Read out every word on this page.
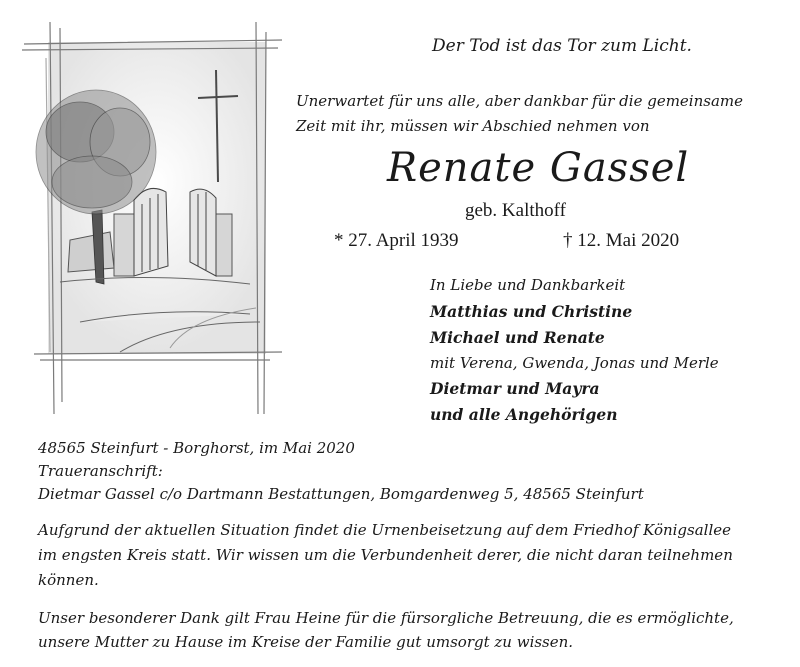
Der Tod ist das Tor zum Licht.
Unerwartet für uns alle, aber dankbar für die gemeinsame
Zeit mit ihr, müssen wir Abschied nehmen von
Renate Gassel
geb. Kalthoff
* 27. April 1939	† 12. Mai 2020
In Liebe und Dankbarkeit
Matthias und Christine
Michael und Renate
mit Verena, Gwenda, Jonas und Merle
Dietmar und Mayra
und alle Angehörigen
48565 Steinfurt - Borghorst, im Mai 2020
Traueranschrift:
Dietmar Gassel c/o Dartmann Bestattungen, Bomgardenweg 5, 48565 Steinfurt
Aufgrund der aktuellen Situation findet die Urnenbeisetzung auf dem Friedhof Königsallee
im engsten Kreis statt. Wir wissen um die Verbundenheit derer, die nicht daran teilnehmen
können.
Unser besonderer Dank gilt Frau Heine für die fürsorgliche Betreuung, die es ermöglichte,
unsere Mutter zu Hause im Kreise der Familie gut umsorgt zu wissen.
